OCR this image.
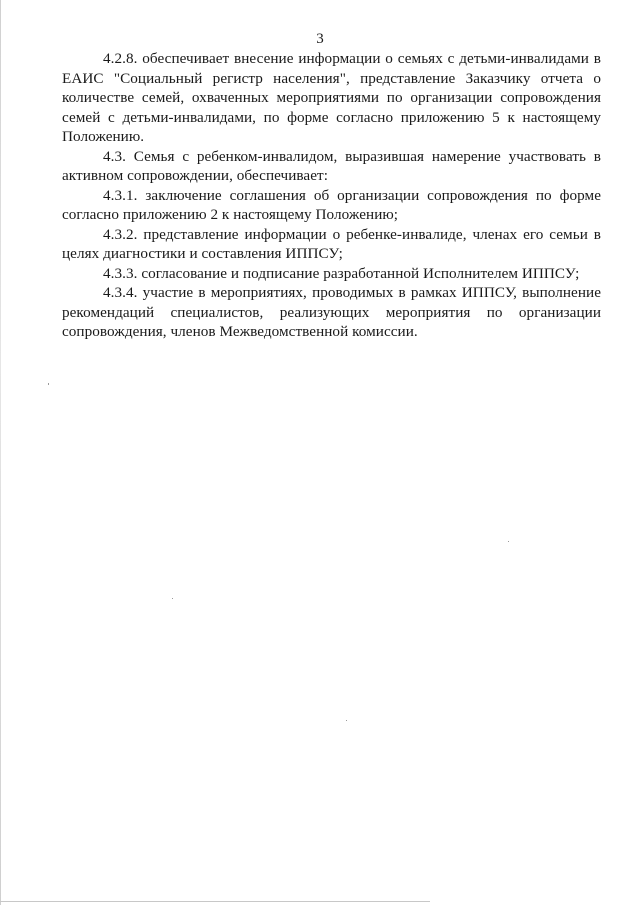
3

4.2.8. обеспечивает внесение информации о семьях с детьми-инвалидами в ЕАИС "Социальный регистр населения", представление Заказчику отчета о количестве семей, охваченных мероприятиями по организации сопровождения семей с детьми-инвалидами, по форме согласно приложению 5 к настоящему Положению.

4.3. Семья с ребенком-инвалидом, выразившая намерение участвовать в активном сопровождении, обеспечивает:

4.3.1. заключение соглашения об организации сопровождения по форме согласно приложению 2 к настоящему Положению;

4.3.2. представление информации о ребенке-инвалиде, членах его семьи в целях диагностики и составления ИППСУ;

4.3.3. согласование и подписание разработанной Исполнителем ИППСУ;

4.3.4. участие в мероприятиях, проводимых в рамках ИППСУ, выполнение рекомендаций специалистов, реализующих мероприятия по организации сопровождения, членов Межведомственной комиссии.
